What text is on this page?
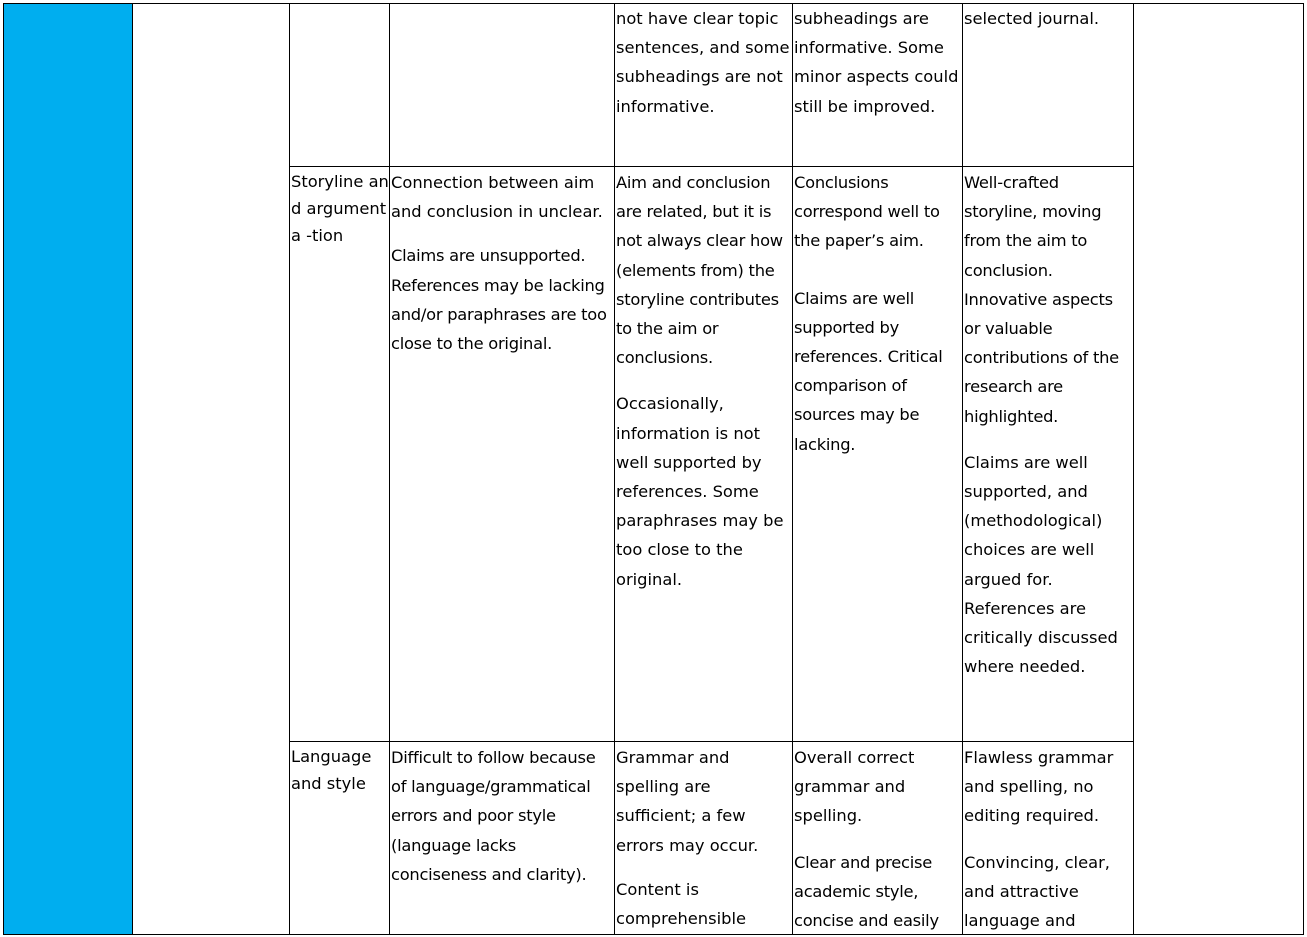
not have clear topic sentences, and some subheadings are not informative.

subheadings are informative. Some minor aspects could still be improved.

selected journal.

Storyline and argumenta -tion

Connection between aim and conclusion in unclear.

Claims are unsupported. References may be lacking and/or paraphrases are too close to the original.

Aim and conclusion are related, but it is not always clear how (elements from) the storyline contributes to the aim or conclusions.

Occasionally, information is not well supported by references. Some paraphrases may be too close to the original.

Conclusions correspond well to the paper’s aim.

Claims are well supported by references. Critical comparison of sources may be lacking.

Well-crafted storyline, moving from the aim to conclusion. Innovative aspects or valuable contributions of the research are highlighted.

Claims are well supported, and (methodological) choices are well argued for. References are critically discussed where needed.

Language and style

Difficult to follow because of language/grammatical errors and poor style (language lacks conciseness and clarity).

Grammar and spelling are sufficient; a few errors may occur.

Content is comprehensible

Overall correct grammar and spelling.

Clear and precise academic style, concise and easily

Flawless grammar and spelling, no editing required.

Convincing, clear, and attractive language and
